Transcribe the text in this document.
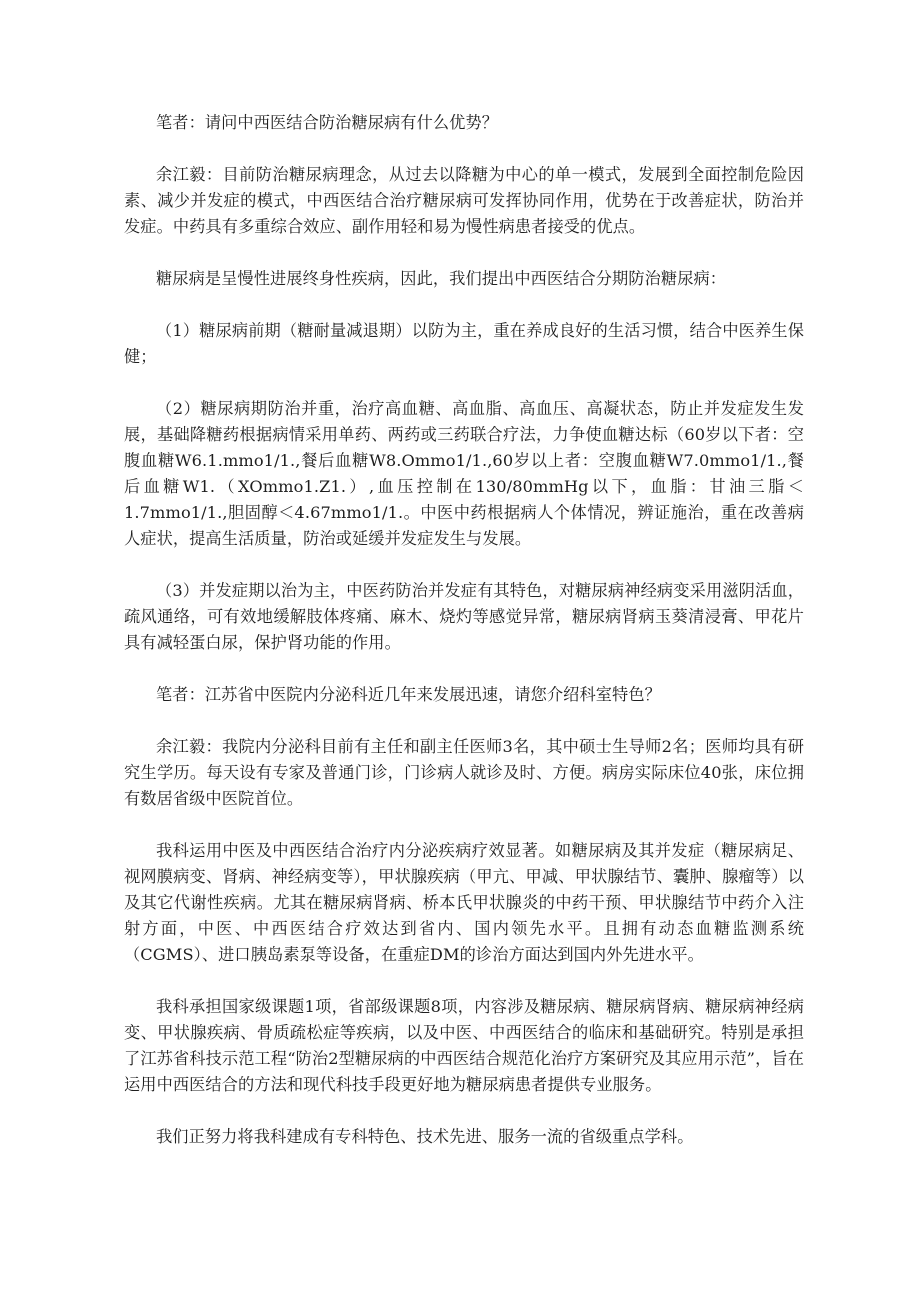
笔者：请问中西医结合防治糖尿病有什么优势？

余江毅：目前防治糖尿病理念，从过去以降糖为中心的单一模式，发展到全面控制危险因素、减少并发症的模式，中西医结合治疗糖尿病可发挥协同作用，优势在于改善症状，防治并发症。中药具有多重综合效应、副作用轻和易为慢性病患者接受的优点。

糖尿病是呈慢性进展终身性疾病，因此，我们提出中西医结合分期防治糖尿病：

（1）糖尿病前期（糖耐量减退期）以防为主，重在养成良好的生活习惯，结合中医养生保健；

（2）糖尿病期防治并重，治疗高血糖、高血脂、高血压、高凝状态，防止并发症发生发展，基础降糖药根据病情采用单药、两药或三药联合疗法，力争使血糖达标（60岁以下者：空腹血糖W6.1.mmo1/1.,餐后血糖W8.Ommo1/1.,60岁以上者：空腹血糖W7.0mmo1/1.,餐后血糖W1.（XOmmo1.Z1.）,血压控制在130/80mmHg以下，血脂：甘油三脂＜1.7mmo1/1.,胆固醇＜4.67mmo1/1.。中医中药根据病人个体情况，辨证施治，重在改善病人症状，提高生活质量，防治或延缓并发症发生与发展。

（3）并发症期以治为主，中医药防治并发症有其特色，对糖尿病神经病变采用滋阴活血，疏风通络，可有效地缓解肢体疼痛、麻木、烧灼等感觉异常，糖尿病肾病玉葵清浸膏、甲花片具有减轻蛋白尿，保护肾功能的作用。

笔者：江苏省中医院内分泌科近几年来发展迅速，请您介绍科室特色？

余江毅：我院内分泌科目前有主任和副主任医师3名，其中硕士生导师2名；医师均具有研究生学历。每天设有专家及普通门诊，门诊病人就诊及时、方便。病房实际床位40张，床位拥有数居省级中医院首位。

我科运用中医及中西医结合治疗内分泌疾病疗效显著。如糖尿病及其并发症（糖尿病足、视网膜病变、肾病、神经病变等），甲状腺疾病（甲亢、甲减、甲状腺结节、囊肿、腺瘤等）以及其它代谢性疾病。尤其在糖尿病肾病、桥本氏甲状腺炎的中药干预、甲状腺结节中药介入注射方面，中医、中西医结合疗效达到省内、国内领先水平。且拥有动态血糖监测系统（CGMS）、进口胰岛素泵等设备，在重症DM的诊治方面达到国内外先进水平。

我科承担国家级课题1项，省部级课题8项，内容涉及糖尿病、糖尿病肾病、糖尿病神经病变、甲状腺疾病、骨质疏松症等疾病，以及中医、中西医结合的临床和基础研究。特别是承担了江苏省科技示范工程“防治2型糖尿病的中西医结合规范化治疗方案研究及其应用示范”，旨在运用中西医结合的方法和现代科技手段更好地为糖尿病患者提供专业服务。

我们正努力将我科建成有专科特色、技术先进、服务一流的省级重点学科。
